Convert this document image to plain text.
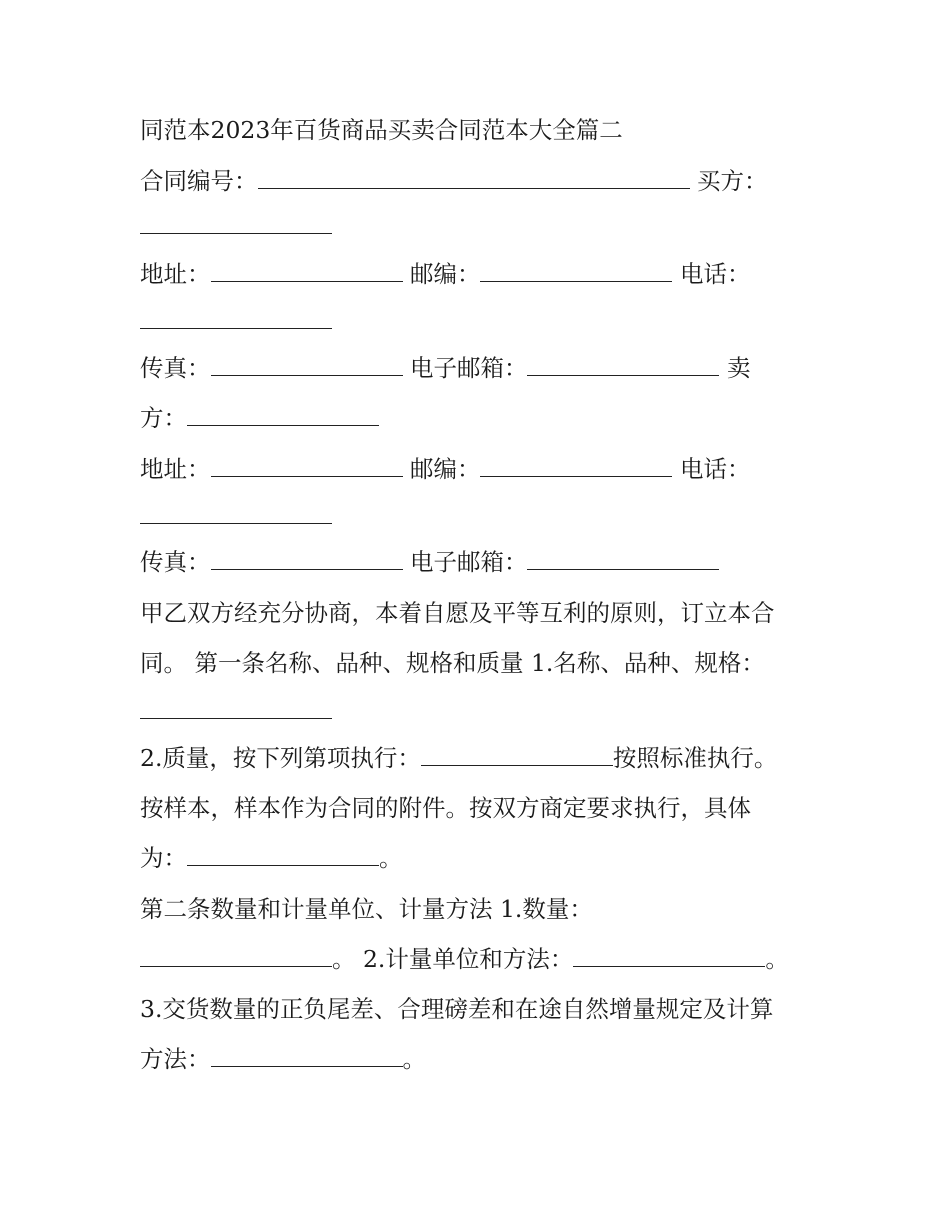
同范本2023年百货商品买卖合同范本大全篇二
合同编号：	买方：
地址：	邮编：	电话：
传真：	电子邮箱：	卖
方：
地址：	邮编：	电话：
传真：	电子邮箱：
甲乙双方经充分协商，本着自愿及平等互利的原则，订立本合
同。 第一条名称、品种、规格和质量 1.名称、品种、规格：
2.质量，按下列第项执行：	按照标准执行。
按样本，样本作为合同的附件。按双方商定要求执行，具体
为：	。
第二条数量和计量单位、计量方法 1.数量：
。 2.计量单位和方法：	。
3.交货数量的正负尾差、合理磅差和在途自然增量规定及计算
方法：	。
